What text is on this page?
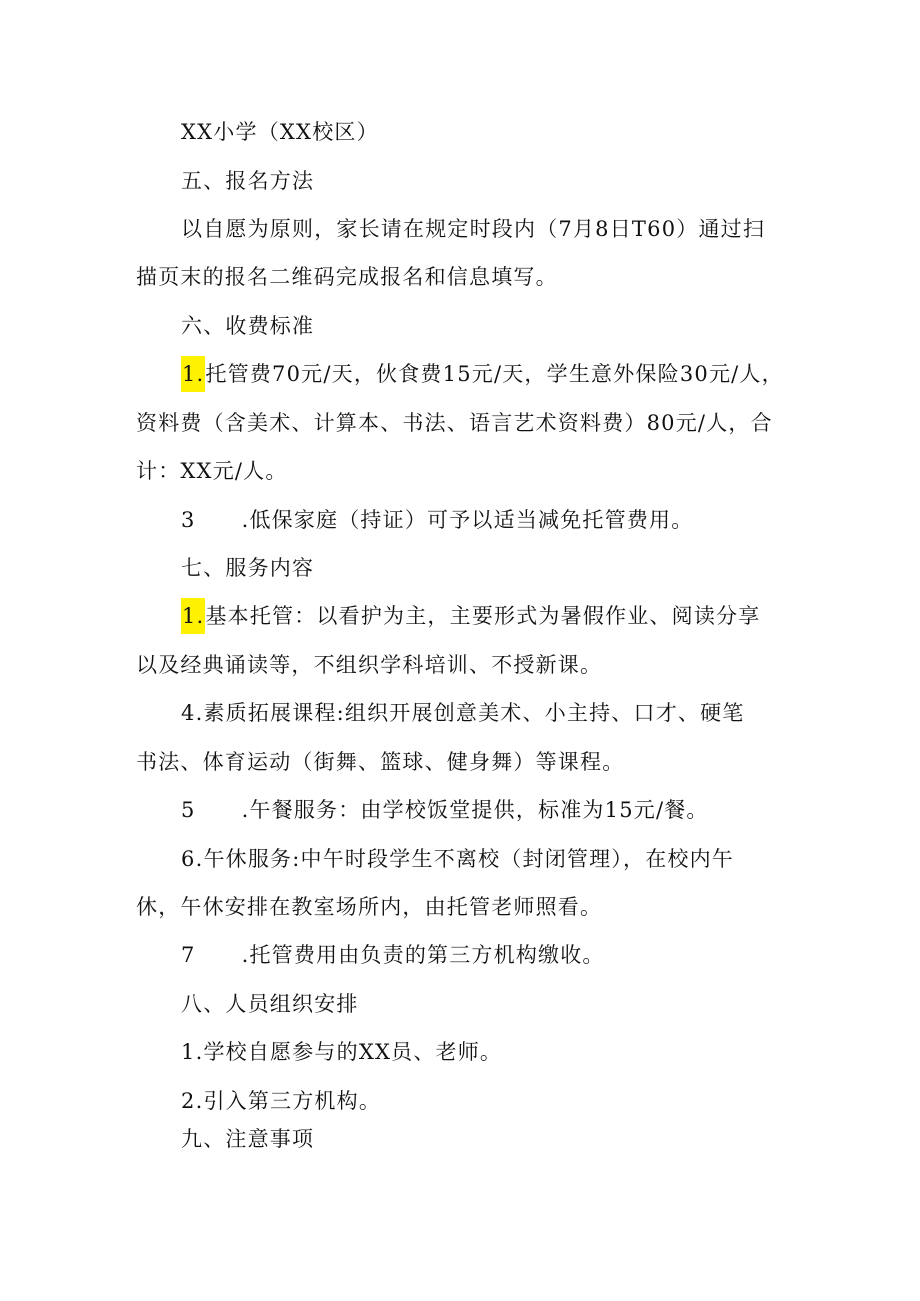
XX小学（XX校区）
五、报名方法
以自愿为原则，家长请在规定时段内（7月8日T60）通过扫
描页末的报名二维码完成报名和信息填写。
六、收费标准
1.托管费70元/天，伙食费15元/天，学生意外保险30元/人，
资料费（含美术、计算本、书法、语言艺术资料费）80元/人，合
计：XX元/人。
3 .低保家庭（持证）可予以适当减免托管费用。
七、服务内容
1.基本托管：以看护为主，主要形式为暑假作业、阅读分享
以及经典诵读等，不组织学科培训、不授新课。
4.素质拓展课程:组织开展创意美术、小主持、口才、硬笔
书法、体育运动（街舞、篮球、健身舞）等课程。
5 .午餐服务：由学校饭堂提供，标准为15元/餐。
6.午休服务:中午时段学生不离校（封闭管理），在校内午
休，午休安排在教室场所内，由托管老师照看。
7 .托管费用由负责的第三方机构缴收。
八、人员组织安排
1.学校自愿参与的XX员、老师。
2.引入第三方机构。
九、注意事项
